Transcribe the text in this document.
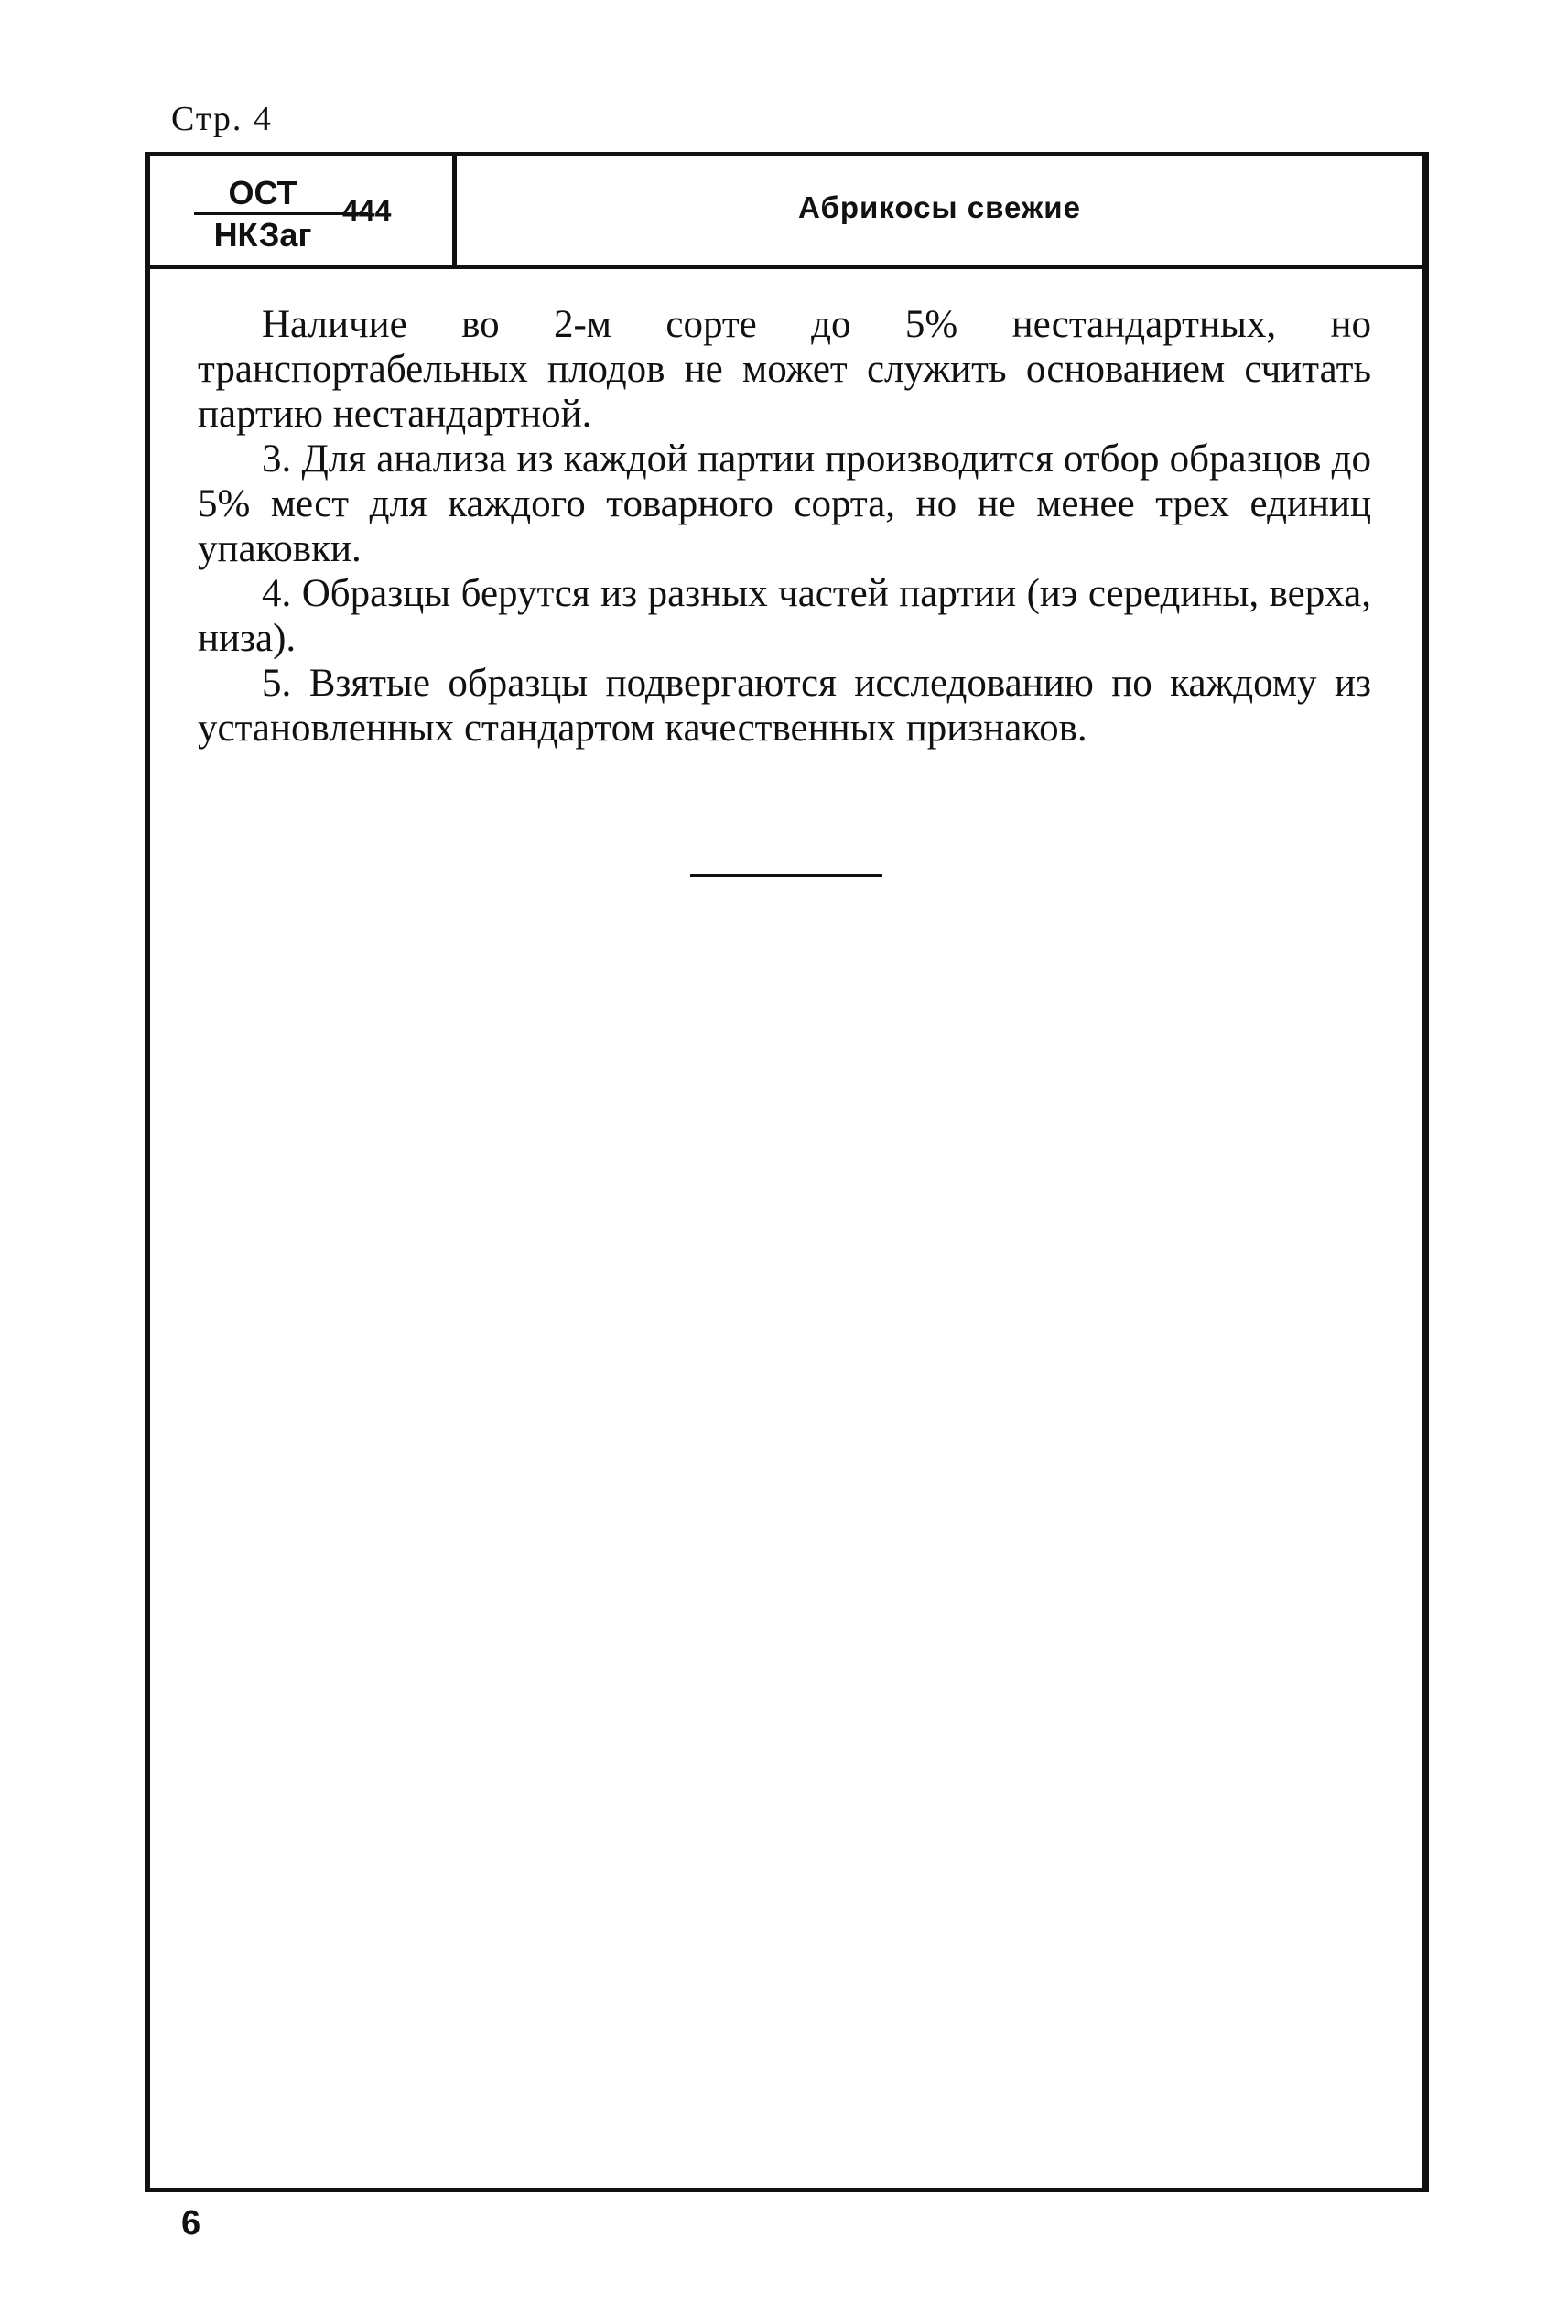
Стр. 4
ОСТ
НКЗаг
444	Абрикосы свежие

Наличие во 2-м сорте до 5% нестандартных, но транспортабельных плодов не может служить основанием считать партию нестандартной.

3. Для анализа из каждой партии производится отбор образцов до 5% мест для каждого товарного сорта, но не менее трех единиц упаковки.

4. Образцы берутся из разных частей партии (иэ середины, верха, низа).

5. Взятые образцы подвергаются исследованию по каждому из установленных стандартом качественных признаков.

6
